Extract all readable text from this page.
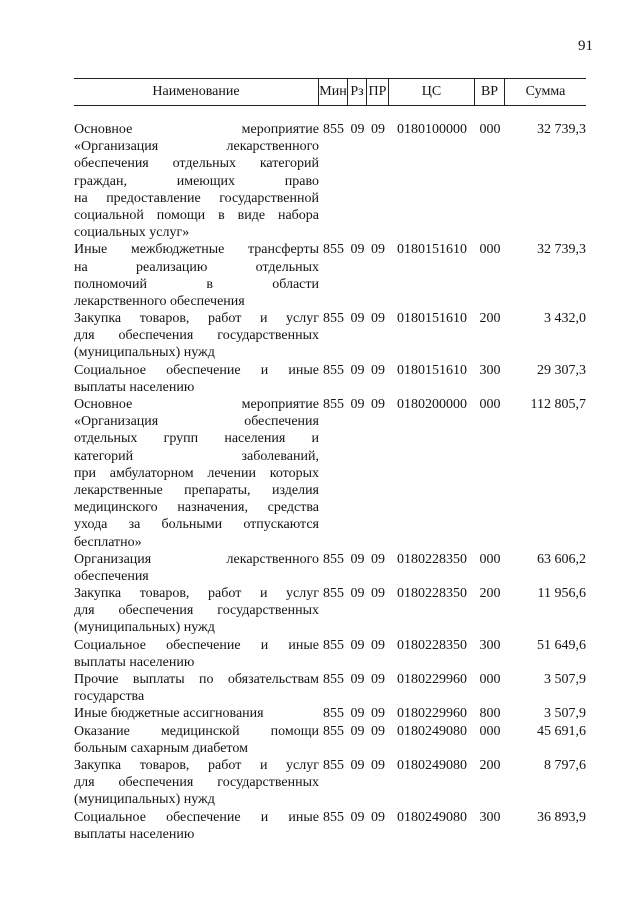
91
Наименование	Мин Рз ПР	ЦС	ВР	Сумма
Основное мероприятие
«Организация лекарственного
обеспечения отдельных категорий
граждан, имеющих право
на предоставление государственной
социальной помощи в виде набора
социальных услуг»
855 09 09 0180100000 000	32 739,3
Иные межбюджетные трансферты
на реализацию отдельных
полномочий в области
лекарственного обеспечения
855 09 09 0180151610 000	32 739,3
Закупка товаров, работ и услуг
для обеспечения государственных
(муниципальных) нужд
855 09 09 0180151610 200	3 432,0
Социальное обеспечение и иные
выплаты населению
855 09 09 0180151610 300	29 307,3
Основное мероприятие
«Организация обеспечения
отдельных групп населения и
категорий заболеваний,
при амбулаторном лечении которых
лекарственные препараты, изделия
медицинского назначения, средства
ухода за больными отпускаются
бесплатно»
855 09 09 0180200000 000	112 805,7
Организация лекарственного
обеспечения
855 09 09 0180228350 000	63 606,2
Закупка товаров, работ и услуг
для обеспечения государственных
(муниципальных) нужд
855 09 09 0180228350 200	11 956,6
Социальное обеспечение и иные
выплаты населению
855 09 09 0180228350 300	51 649,6
Прочие выплаты по обязательствам
государства
855 09 09 0180229960 000	3 507,9
Иные бюджетные ассигнования	855 09 09 0180229960 800	3 507,9
Оказание медицинской помощи
больным сахарным диабетом
855 09 09 0180249080 000	45 691,6
Закупка товаров, работ и услуг
для обеспечения государственных
(муниципальных) нужд
855 09 09 0180249080 200	8 797,6
Социальное обеспечение и иные
выплаты населению
855 09 09 0180249080 300	36 893,9
